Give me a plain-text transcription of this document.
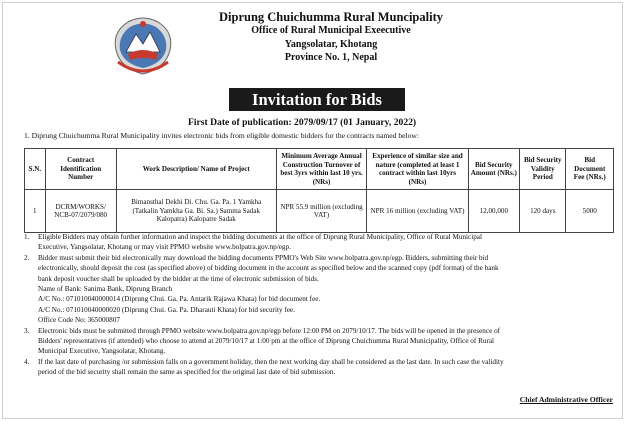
Diprung Chuichumma Rural Muncipality
Office of Rural Municipal Exeecutive
Yangsolatar, Khotang
Province No. 1, Nepal
Invitation for Bids
First Date of publication: 2079/09/17 (01 January, 2022)
1. Diprung Chuichumma Rural Municipality invites electronic bids from eligible domestic bidders for the contracts named below:
S.N.	Contract Identification Number	Work Description/ Name of Project	Minimum Average Annual Construction Turnover of best 3yrs within last 10 yrs. (NRs)	Experience of similar size and nature (completed at least 1 contract within last 10yrs (NRs)	Bid Security Amount (NRs.)	Bid Security Validity Period	Bid Document Fee (NRs.)
1	DCRM/WORKS/ NCB-07/2079/080	Bimansthal Dekhi Di. Chu. Ga. Pa. 1 Yamkha (Tatkalin Yamkha Ga. Bi. Sa.) Samma Sadak Kalopatra) Kalopatre Sadak	NPR 55.9 million (excluding VAT)	NPR 16 million (excluding VAT)	12,00,000	120 days	5000
1. Eligible Bidders may obtain further information and inspect the bidding documents at the office of Diprung Rural Municipality, Office of Rural Municipal
Executive, Yangsolatar, Khotang or may visit PPMO website www.bolpatra.gov.np/egp.
2. Bidder must submit their bid electronically may download the bidding documents PPMO's Web Site www.bolpatra.gov.np/egp. Bidders, submitting their bid
electronically, should deposit the cost (as specified above) of bidding document in the account as specified below and the scanned copy (pdf format) of the bank
bank deposit voucher shall be uploaded by the bidder at the time of electronic submission of bids.
Name of Bank: Sanima Bank, Diprung Branch
A/C No.: 071010040000014 (Diprung Chui. Ga. Pa. Antarik Rajawa Khata) for bid document fee.
A/C No.: 071010040000020 (Diprung Chui. Ga. Pa. Dharauti Khata) for bid security fee.
Office Code No: 365000807
3. Electronic bids must be submitted through PPMO website www.bolpatra.gov.np/egp before 12:00 PM on 2079/10/17. The bids will be opened in the presence of
Bidders' representatives (if attended) who choose to attend at 2079/10/17 at 1:00 pm at the office of Diprung Chuichumma Rural Municipality, Office of Rural
Municipal Executive, Yangsolatar, Khotang.
4. If the last date of purchasing /or submission falls on a government holiday, then the next working day shall be considered as the last date. In such case the validity
period of the bid security shall remain the same as specified for the original last date of bid submission.
Chief Administrative Officer
